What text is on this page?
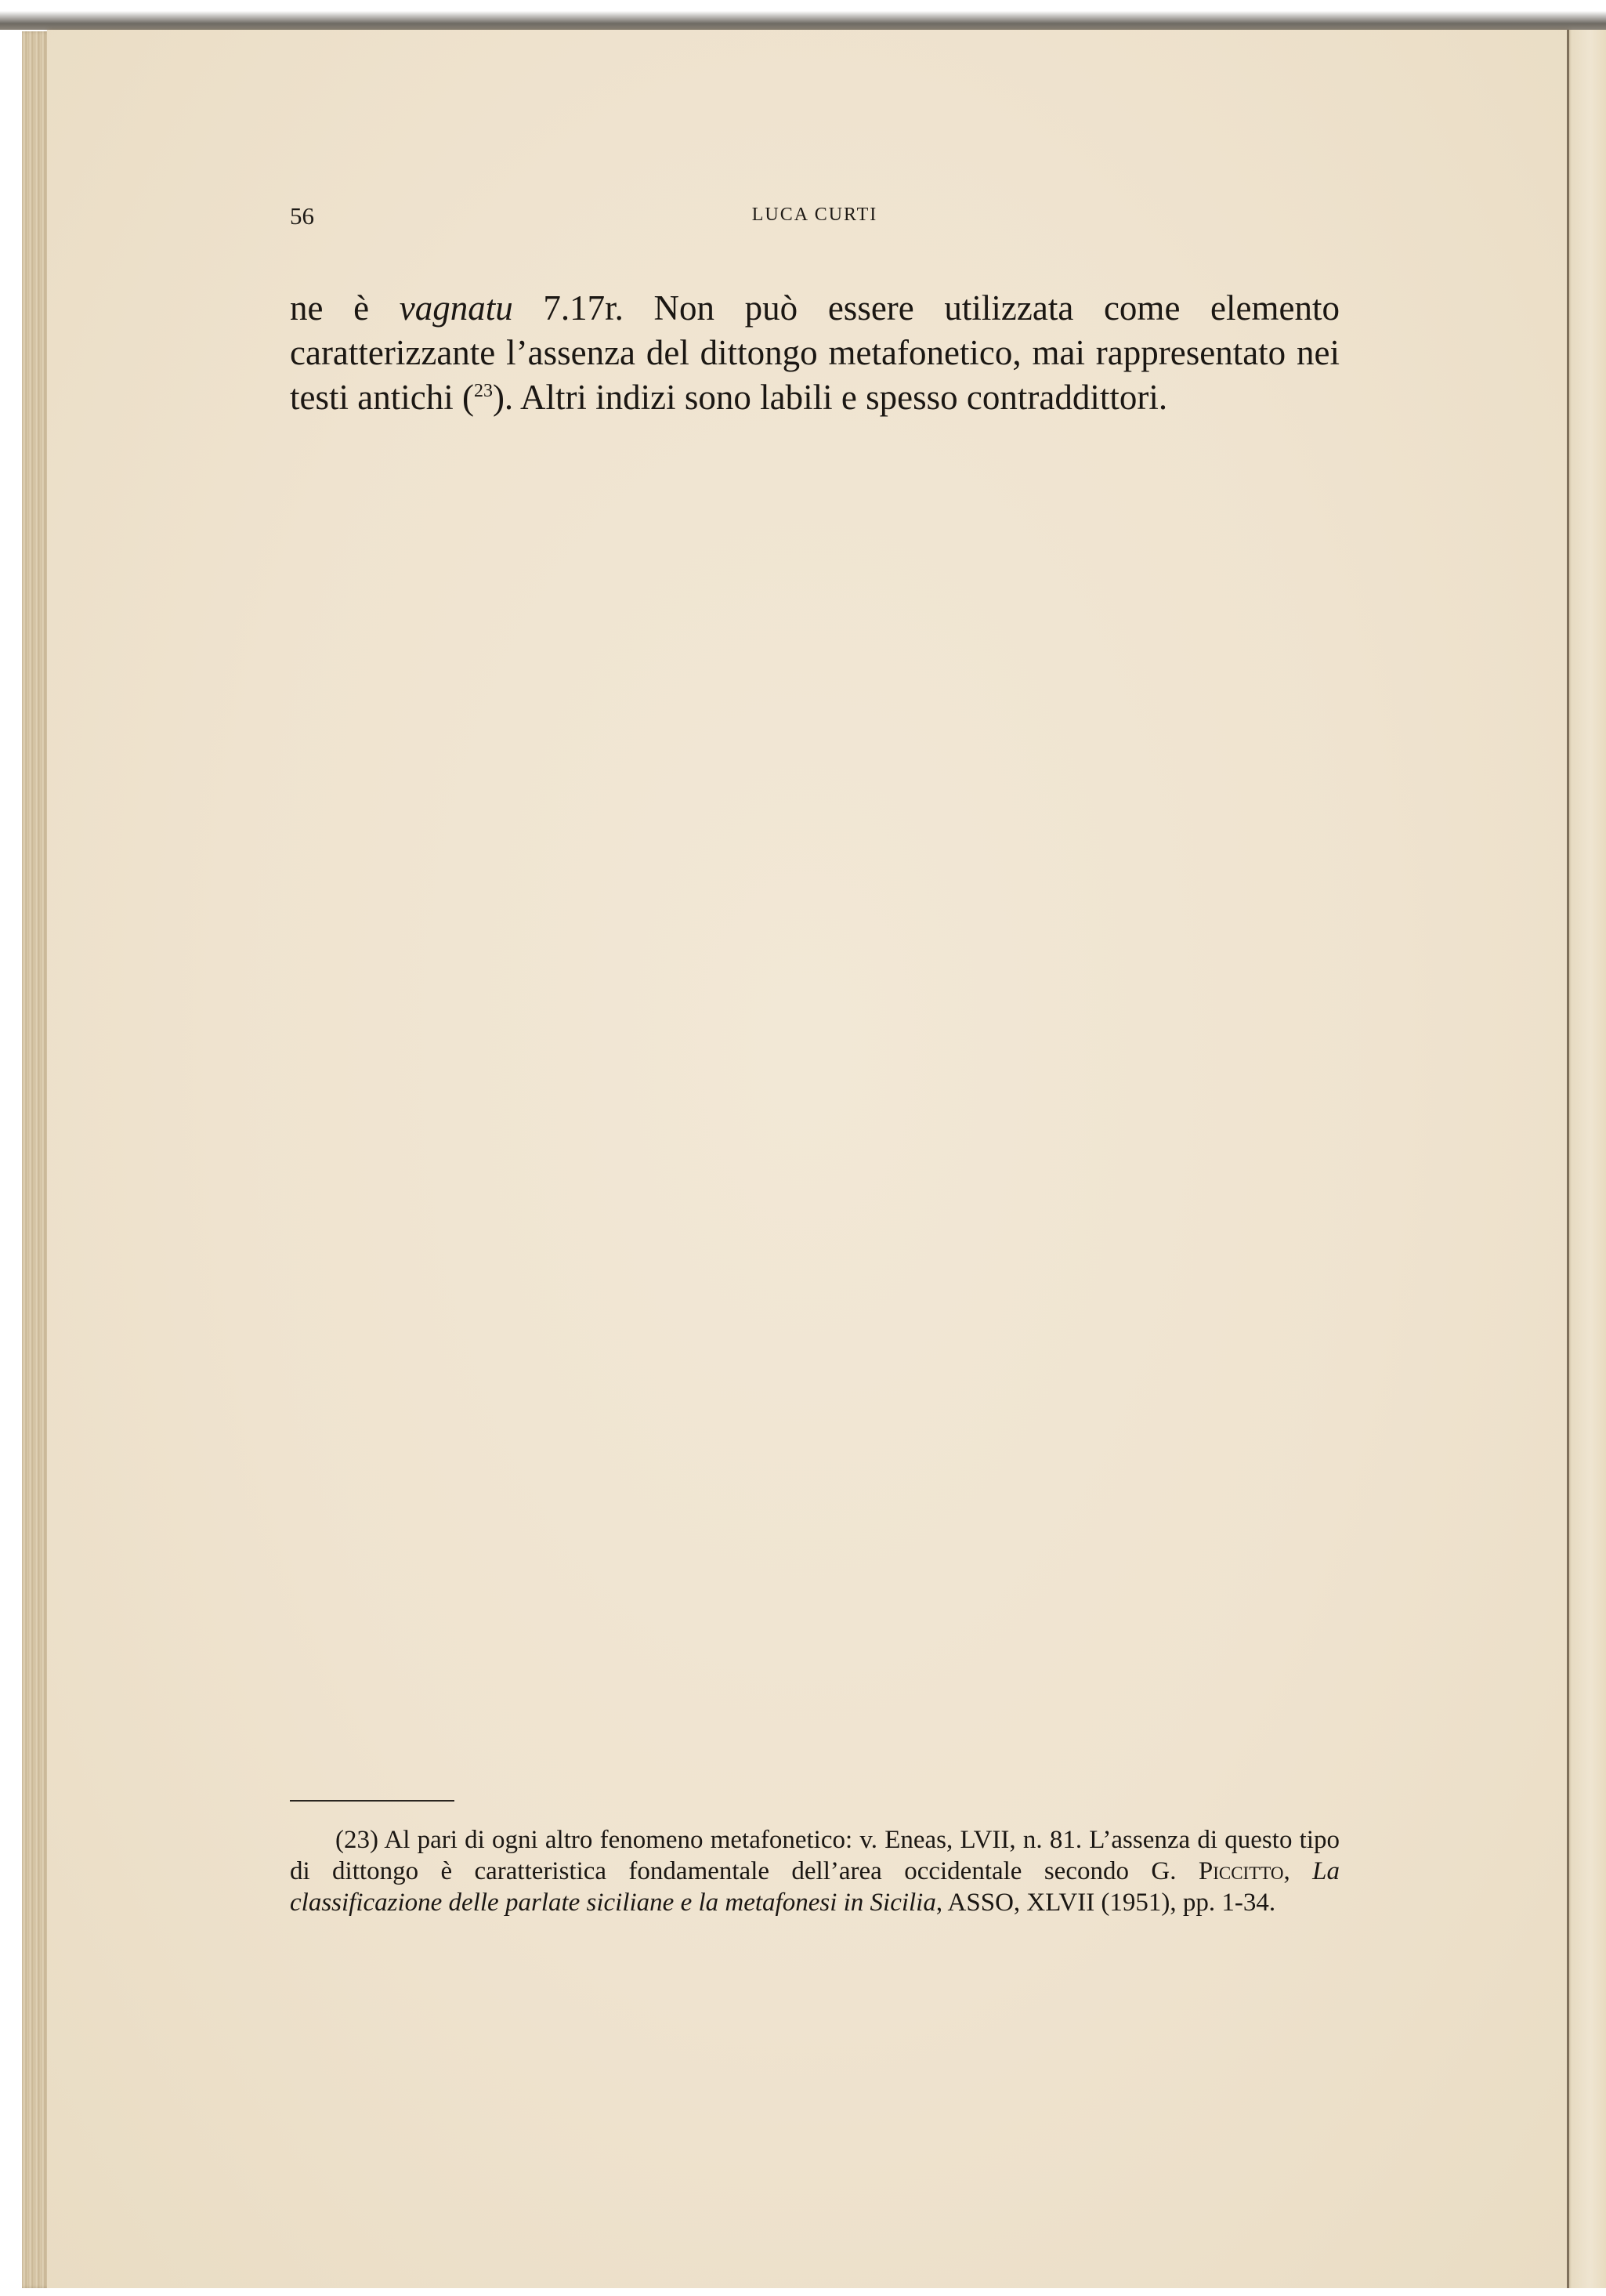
56	LUCA CURTI

ne è vagnatu 7.17r. Non può essere utilizzata come elemento caratterizzante l’assenza del dittongo metafonetico, mai rappresentato nei testi antichi ($^{23}$). Altri indizi sono labili e spesso contraddittori.

(23) Al pari di ogni altro fenomeno metafonetico: v. Eneas, LVII, n. 81. L’assenza di questo tipo di dittongo è caratteristica fondamentale dell’area occidentale secondo G. Piccitto, La classificazione delle parlate siciliane e la metafonesi in Sicilia, ASSO, XLVII (1951), pp. 1-34.
